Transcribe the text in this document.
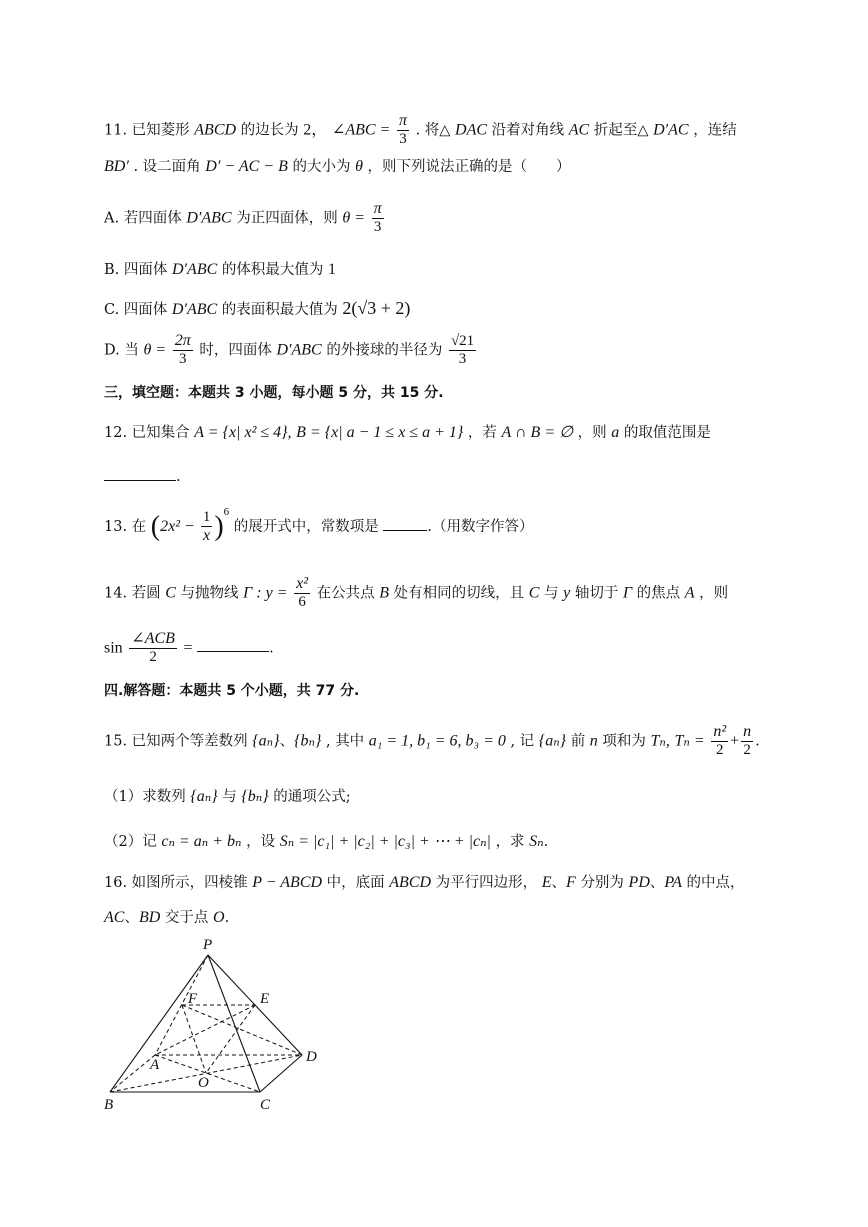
11. 已知菱形 ABCD 的边长为 2， ∠ABC = $\frac{\pi}{3}$ . 将△ DAC 沿着对角线 AC 折起至△ D′AC ，连结
BD′ . 设二面角 D′ − AC − B 的大小为 θ ，则下列说法正确的是（　　）
A. 若四面体 D′ABC 为正四面体，则 $\theta = \frac{\pi}{3}$
B. 四面体 D′ABC 的体积最大值为 1
C. 四面体 D′ABC 的表面积最大值为 2(√3 + 2)
D. 当 $\theta = \frac{2\pi}{3}$ 时，四面体 D′ABC 的外接球的半径为 $\frac{√21}{3}$
三，填空题：本题共 3 小题，每小题 5 分，共 15 分.
12. 已知集合 A = {x| x² ≤ 4}, B = {x| a − 1 ≤ x ≤ a + 1} ，若 A ∩ B = ∅ ，则 a 的取值范围是
.
13. 在 $(2x^2 - \frac{1}{x} )^6$ 的展开式中，常数项是	.（用数字作答）
14. 若圆 C 与抛物线 Γ : $y = \frac{\text{x²}}{6}$ 在公共点 B 处有相同的切线，且 C 与 y 轴切于 Γ 的焦点 A ，则
$\sin \frac{\text{∠ACB}}{2}$ =	.
四.解答题：本题共 5 个小题，共 77 分.
15. 已知两个等差数列 {aₙ}、{bₙ} , 其中 a₁ = 1, b₁ = 6, b₃ = 0 , 记 {aₙ} 前 n 项和为 Tₙ, $T_n = \frac{\text{n²}}{2} + \frac{n}{2}$ .
（1）求数列 {aₙ} 与 {bₙ} 的通项公式;
（2）记 cₙ = aₙ + bₙ ，设 Sₙ = |c₁| + |c₂| + |c₃| + ⋯ + |cₙ| ，求 Sₙ.
16. 如图所示，四棱锥 P − ABCD 中，底面 ABCD 为平行四边形， E、F 分别为 PD、PA 的中点，
AC、BD 交于点 O.
P
F	E
A	D
O
B	C
